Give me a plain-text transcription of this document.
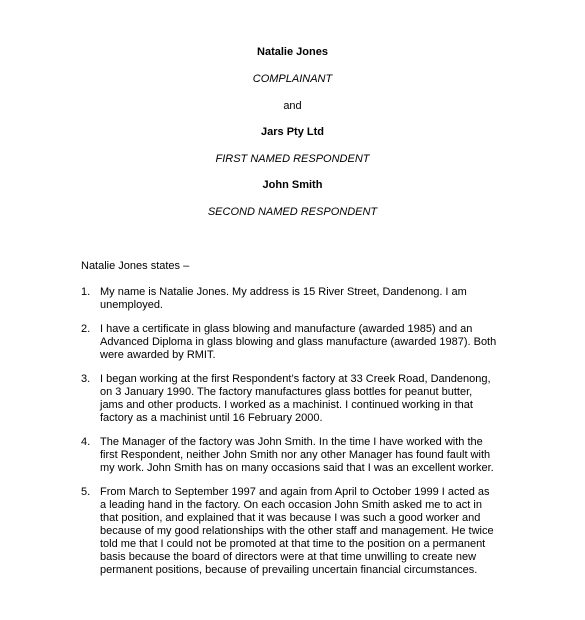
Natalie Jones
COMPLAINANT
and
Jars Pty Ltd
FIRST NAMED RESPONDENT
John Smith
SECOND NAMED RESPONDENT
Natalie Jones states –
1. My name is Natalie Jones. My address is 15 River Street, Dandenong. I am
unemployed.
2. I have a certificate in glass blowing and manufacture (awarded 1985) and an
Advanced Diploma in glass blowing and glass manufacture (awarded 1987). Both
were awarded by RMIT.
3. I began working at the first Respondent’s factory at 33 Creek Road, Dandenong,
on 3 January 1990. The factory manufactures glass bottles for peanut butter,
jams and other products. I worked as a machinist. I continued working in that
factory as a machinist until 16 February 2000.
4. The Manager of the factory was John Smith. In the time I have worked with the
first Respondent, neither John Smith nor any other Manager has found fault with
my work. John Smith has on many occasions said that I was an excellent worker.
5. From March to September 1997 and again from April to October 1999 I acted as
a leading hand in the factory. On each occasion John Smith asked me to act in
that position, and explained that it was because I was such a good worker and
because of my good relationships with the other staff and management. He twice
told me that I could not be promoted at that time to the position on a permanent
basis because the board of directors were at that time unwilling to create new
permanent positions, because of prevailing uncertain financial circumstances.
